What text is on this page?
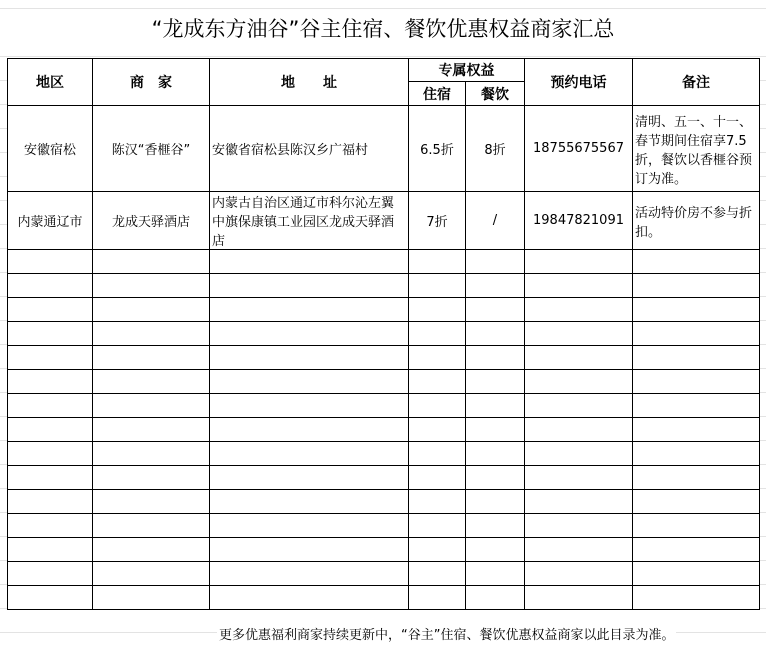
“龙成东方油谷”谷主住宿、餐饮优惠权益商家汇总
地区	商　家	地　　址	专属权益		预约电话	备注
			住宿	餐饮		
安徽宿松	陈汉“香榧谷”	安徽省宿松县陈汉乡广福村	6.5折	8折	18755675567	清明、五一、十一、春节期间住宿享7.5折，餐饮以香榧谷预订为准。
内蒙通辽市	龙成天驿酒店	内蒙古自治区通辽市科尔沁左翼中旗保康镇工业园区龙成天驿酒店	7折	/	19847821091	活动特价房不参与折扣。

更多优惠福利商家持续更新中，“谷主”住宿、餐饮优惠权益商家以此目录为准。
